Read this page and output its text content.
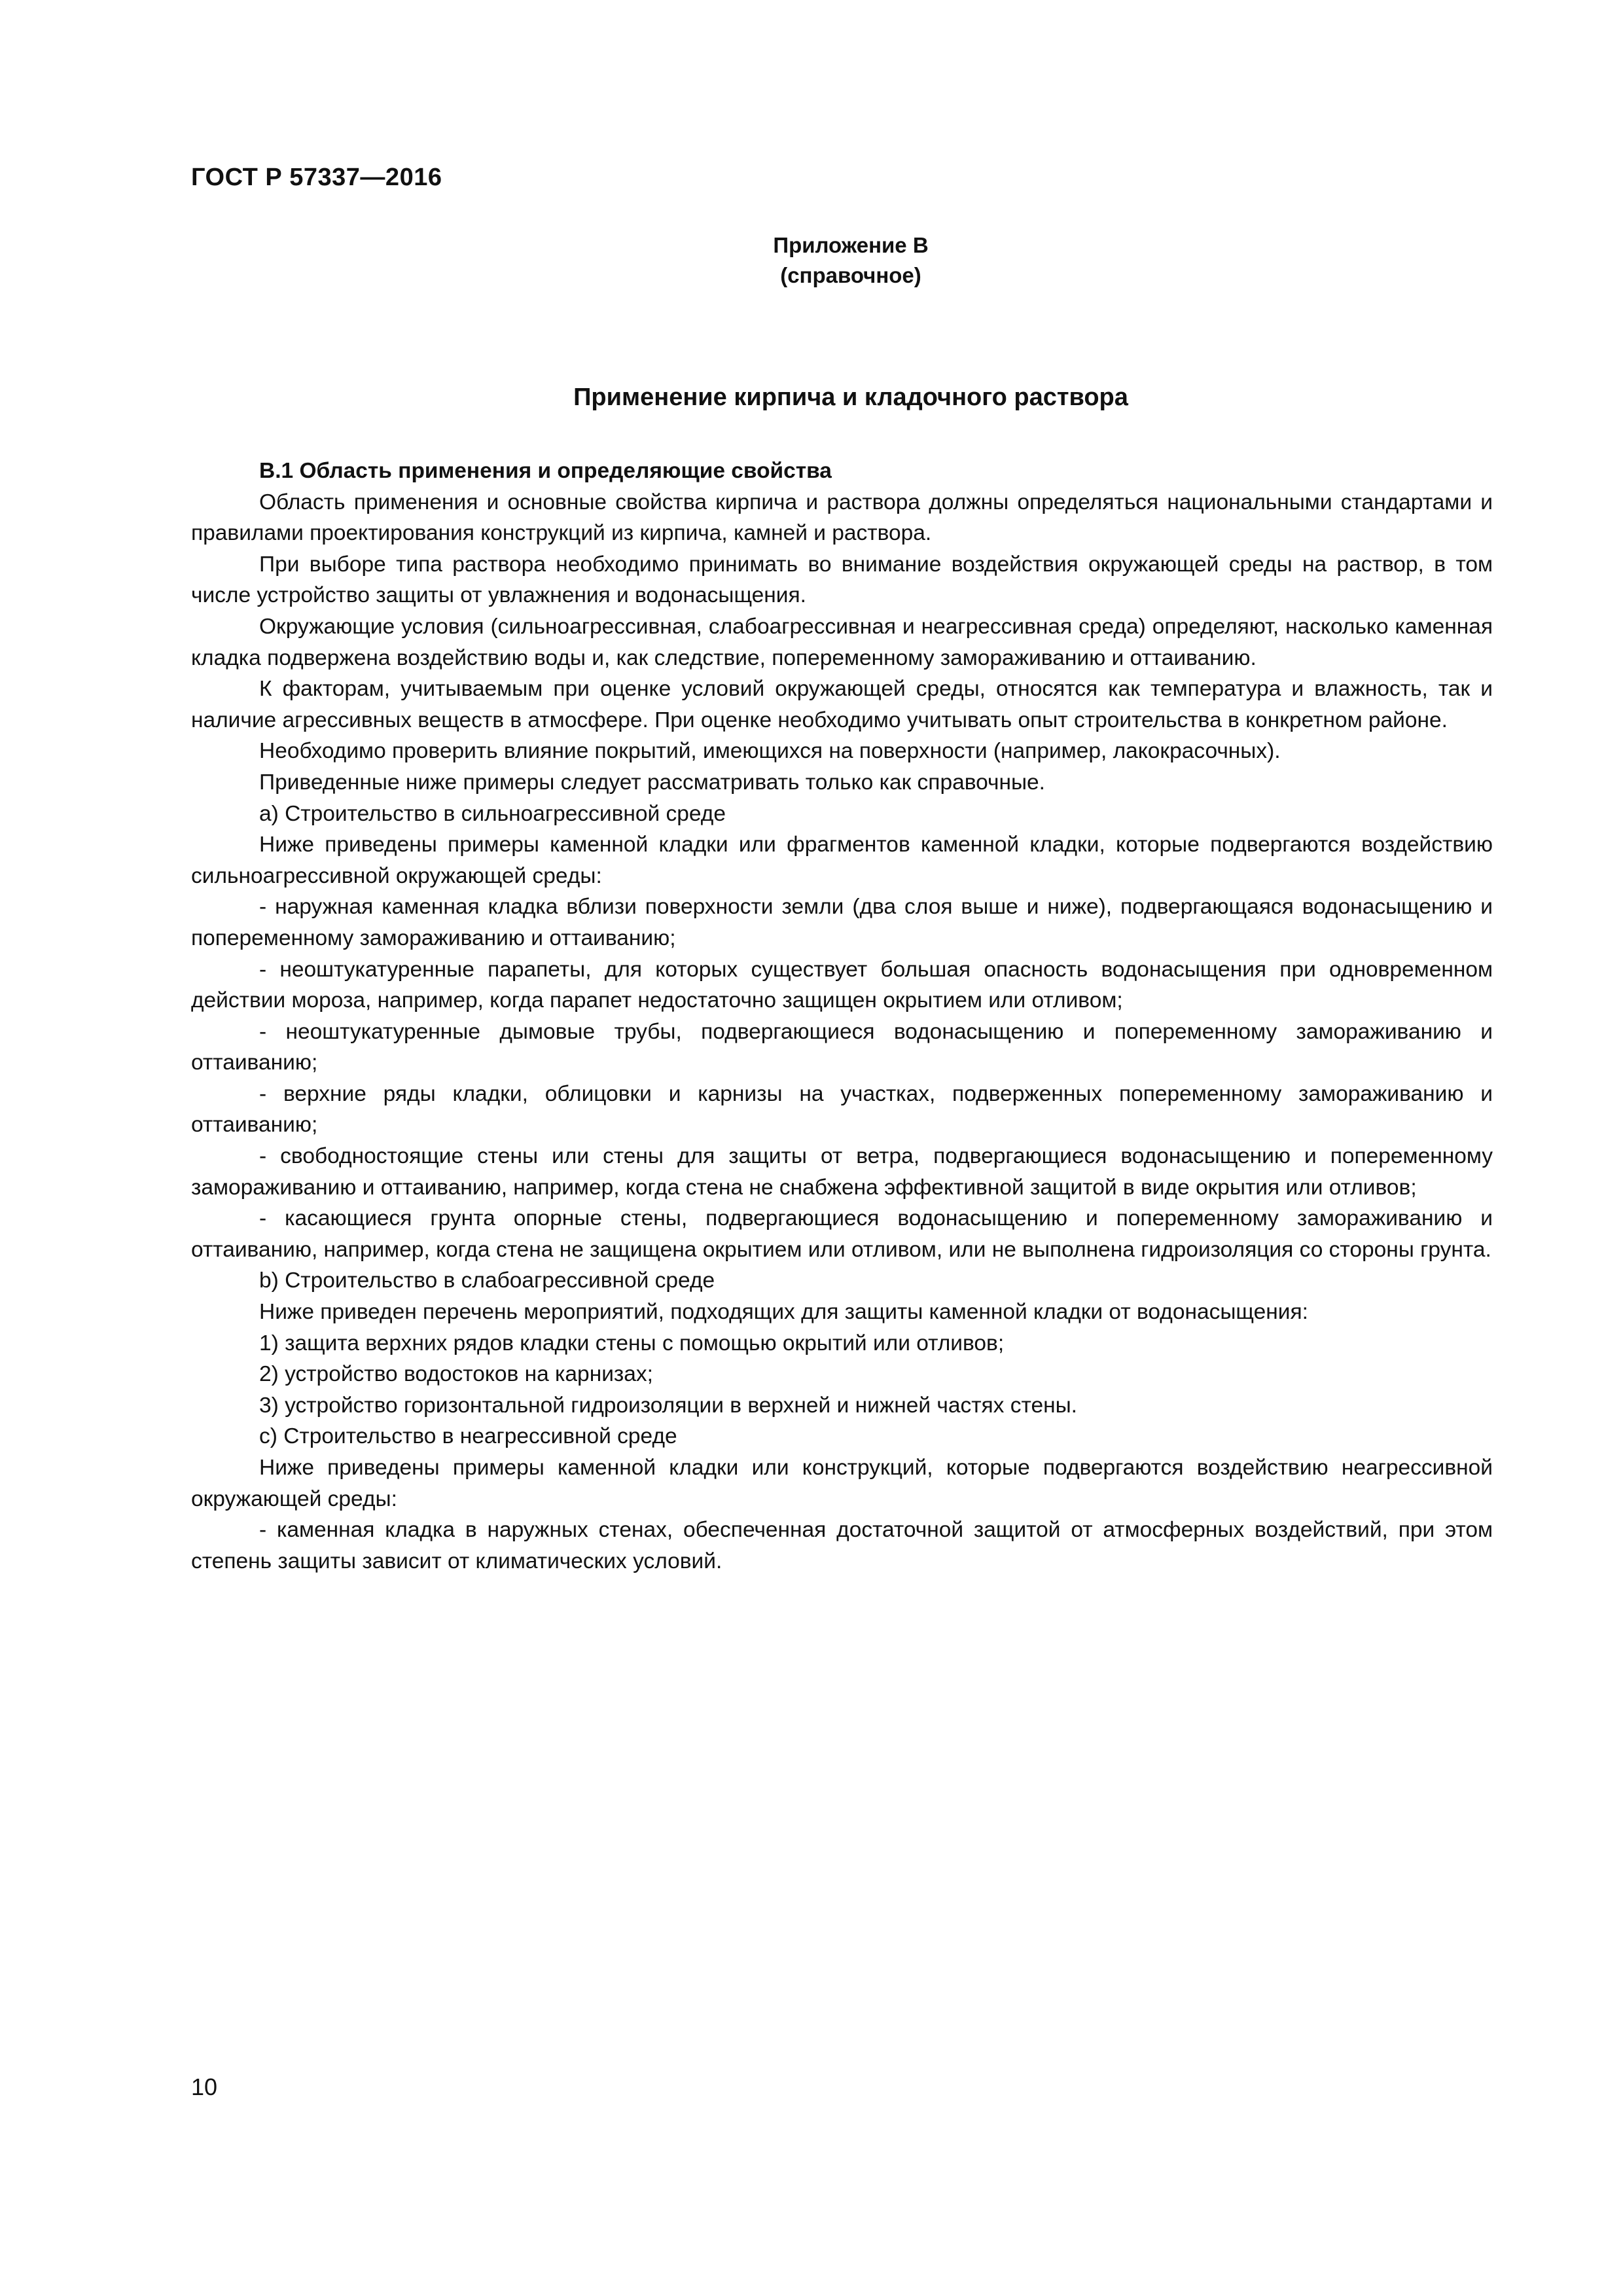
ГОСТ Р 57337—2016
Приложение В
(справочное)
Применение кирпича и кладочного раствора

В.1 Область применения и определяющие свойства

Область применения и основные свойства кирпича и раствора должны определяться национальными стандартами и правилами проектирования конструкций из кирпича, камней и раствора.

При выборе типа раствора необходимо принимать во внимание воздействия окружающей среды на раствор, в том числе устройство защиты от увлажнения и водонасыщения.

Окружающие условия (сильноагрессивная, слабоагрессивная и неагрессивная среда) определяют, насколько каменная кладка подвержена воздействию воды и, как следствие, попеременному замораживанию и оттаиванию.

К факторам, учитываемым при оценке условий окружающей среды, относятся как температура и влажность, так и наличие агрессивных веществ в атмосфере. При оценке необходимо учитывать опыт строительства в конкретном районе.

Необходимо проверить влияние покрытий, имеющихся на поверхности (например, лакокрасочных).

Приведенные ниже примеры следует рассматривать только как справочные.

a) Строительство в сильноагрессивной среде

Ниже приведены примеры каменной кладки или фрагментов каменной кладки, которые подвергаются воздействию сильноагрессивной окружающей среды:

- наружная каменная кладка вблизи поверхности земли (два слоя выше и ниже), подвергающаяся водонасыщению и попеременному замораживанию и оттаиванию;

- неоштукатуренные парапеты, для которых существует большая опасность водонасыщения при одновременном действии мороза, например, когда парапет недостаточно защищен окрытием или отливом;

- неоштукатуренные дымовые трубы, подвергающиеся водонасыщению и попеременному замораживанию и оттаиванию;

- верхние ряды кладки, облицовки и карнизы на участках, подверженных попеременному замораживанию и оттаиванию;

- свободностоящие стены или стены для защиты от ветра, подвергающиеся водонасыщению и попеременному замораживанию и оттаиванию, например, когда стена не снабжена эффективной защитой в виде окрытия или отливов;

- касающиеся грунта опорные стены, подвергающиеся водонасыщению и попеременному замораживанию и оттаиванию, например, когда стена не защищена окрытием или отливом, или не выполнена гидроизоляция со стороны грунта.

b) Строительство в слабоагрессивной среде

Ниже приведен перечень мероприятий, подходящих для защиты каменной кладки от водонасыщения:

1) защита верхних рядов кладки стены с помощью окрытий или отливов;

2) устройство водостоков на карнизах;

3) устройство горизонтальной гидроизоляции в верхней и нижней частях стены.

c) Строительство в неагрессивной среде

Ниже приведены примеры каменной кладки или конструкций, которые подвергаются воздействию неагрессивной окружающей среды:

- каменная кладка в наружных стенах, обеспеченная достаточной защитой от атмосферных воздействий, при этом степень защиты зависит от климатических условий.

10
